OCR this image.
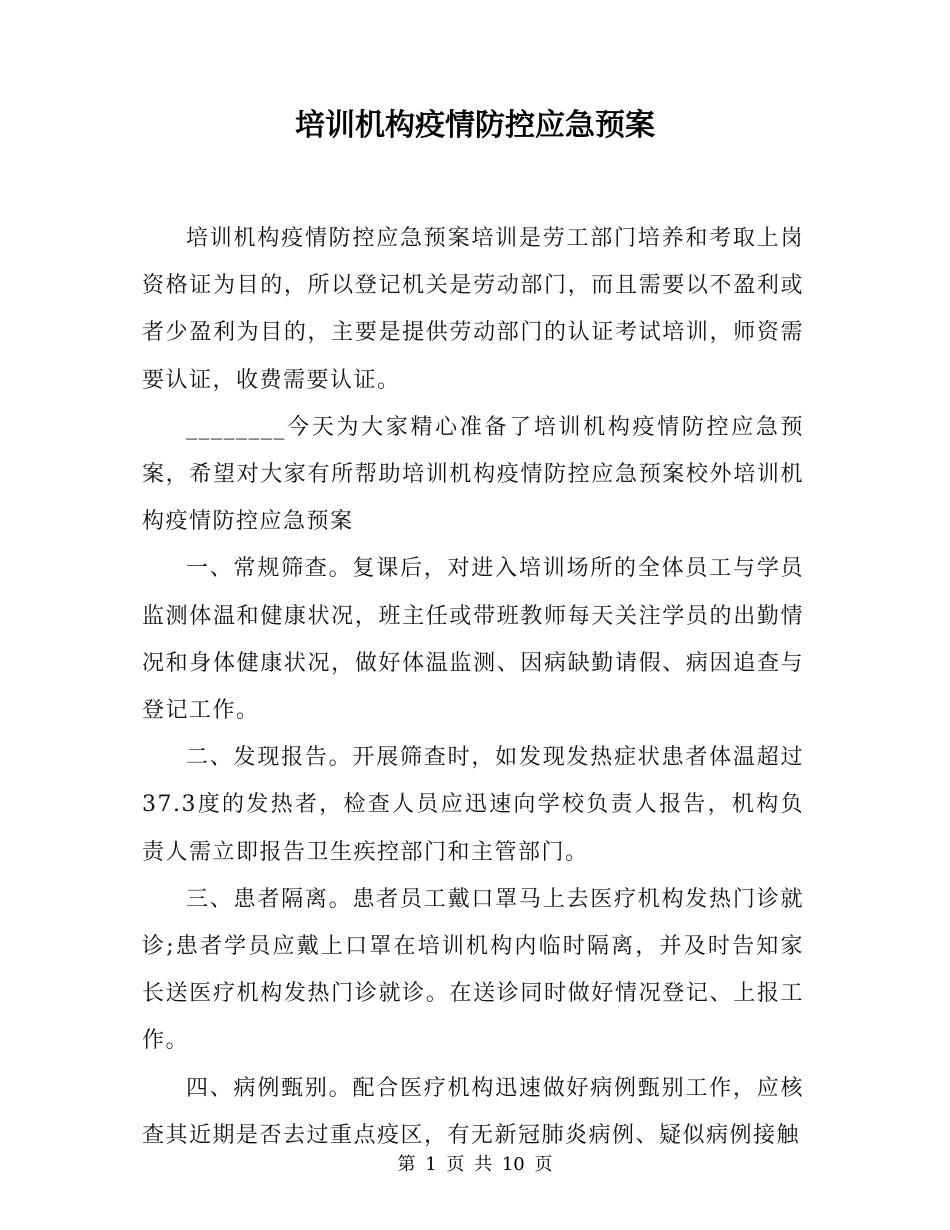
培训机构疫情防控应急预案

培训机构疫情防控应急预案培训是劳工部门培养和考取上岗资格证为目的，所以登记机关是劳动部门，而且需要以不盈利或者少盈利为目的，主要是提供劳动部门的认证考试培训，师资需要认证，收费需要认证。

________今天为大家精心准备了培训机构疫情防控应急预案，希望对大家有所帮助培训机构疫情防控应急预案校外培训机构疫情防控应急预案

一、常规筛查。复课后，对进入培训场所的全体员工与学员监测体温和健康状况，班主任或带班教师每天关注学员的出勤情况和身体健康状况，做好体温监测、因病缺勤请假、病因追查与登记工作。

二、发现报告。开展筛查时，如发现发热症状患者体温超过37.3度的发热者，检查人员应迅速向学校负责人报告，机构负责人需立即报告卫生疾控部门和主管部门。

三、患者隔离。患者员工戴口罩马上去医疗机构发热门诊就诊;患者学员应戴上口罩在培训机构内临时隔离，并及时告知家长送医疗机构发热门诊就诊。在送诊同时做好情况登记、上报工作。

四、病例甄别。配合医疗机构迅速做好病例甄别工作，应核查其近期是否去过重点疫区，有无新冠肺炎病例、疑似病例接触

第 1 页 共 10 页
